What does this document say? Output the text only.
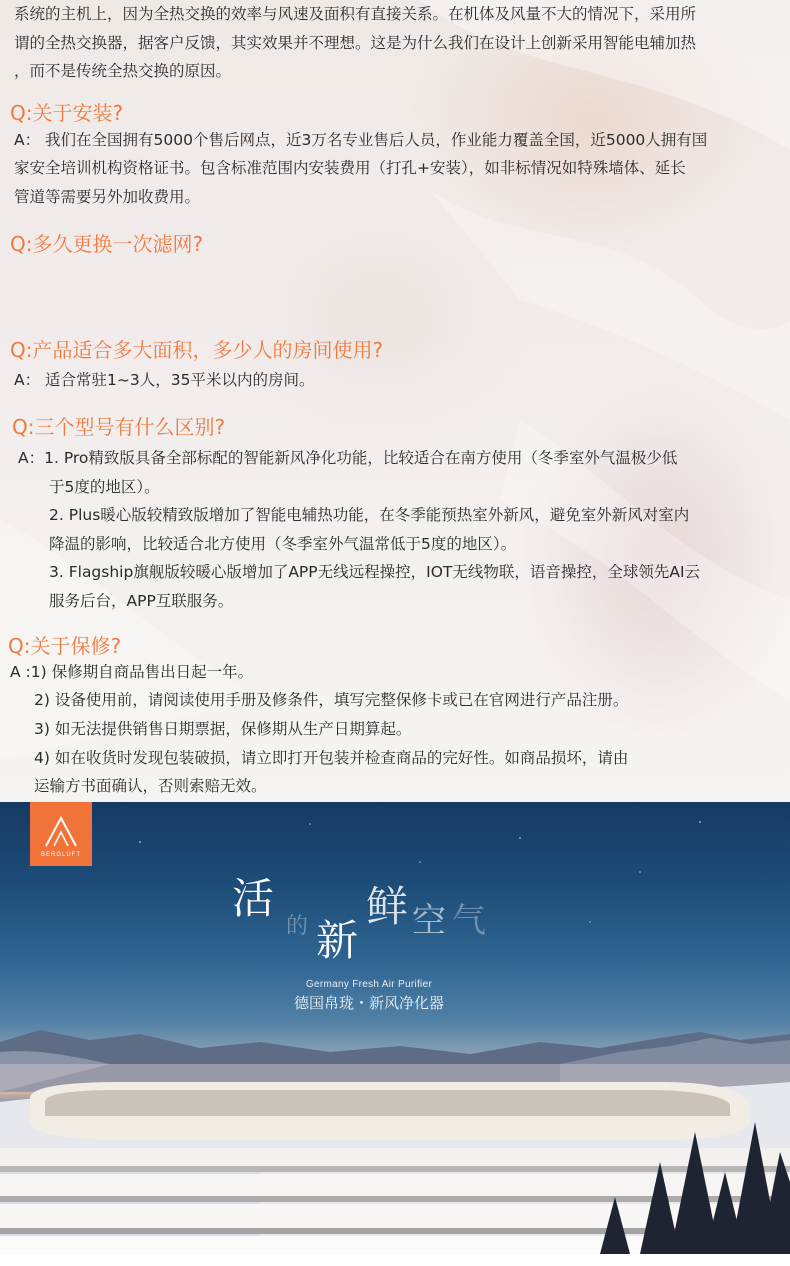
系统的主机上，因为全热交换的效率与风速及面积有直接关系。在机体及风量不大的情况下，采用所
谓的全热交换器，据客户反馈，其实效果并不理想。这是为什么我们在设计上创新采用智能电辅加热
，而不是传统全热交换的原因。
Q:关于安装?
A： 我们在全国拥有5000个售后网点，近3万名专业售后人员，作业能力覆盖全国，近5000人拥有国
家安全培训机构资格证书。包含标准范围内安装费用（打孔+安装），如非标情况如特殊墙体、延长
管道等需要另外加收费用。
Q:多久更换一次滤网?
Q:产品适合多大面积，多少人的房间使用?
A： 适合常驻1~3人，35平米以内的房间。
Q:三个型号有什么区别?
A：1. Pro精致版具备全部标配的智能新风净化功能，比较适合在南方使用（冬季室外气温极少低
于5度的地区）。
2. Plus暖心版较精致版增加了智能电辅热功能，在冬季能预热室外新风，避免室外新风对室内
降温的影响，比较适合北方使用（冬季室外气温常低于5度的地区）。
3. Flagship旗舰版较暖心版增加了APP无线远程操控，IOT无线物联，语音操控，全球领先AI云
服务后台，APP互联服务。
Q:关于保修?
A :1) 保修期自商品售出日起一年。
2) 设备使用前，请阅读使用手册及修条件，填写完整保修卡或已在官网进行产品注册。
3) 如无法提供销售日期票据，保修期从生产日期算起。
4) 如在收货时发现包装破损，请立即打开包装并检查商品的完好性。如商品损坏，请由
运输方书面确认，否则索赔无效。
BERGLUFT
活
的 新
鲜 空 气
Germany Fresh Air Purifier
德国帛珑・新风净化器
